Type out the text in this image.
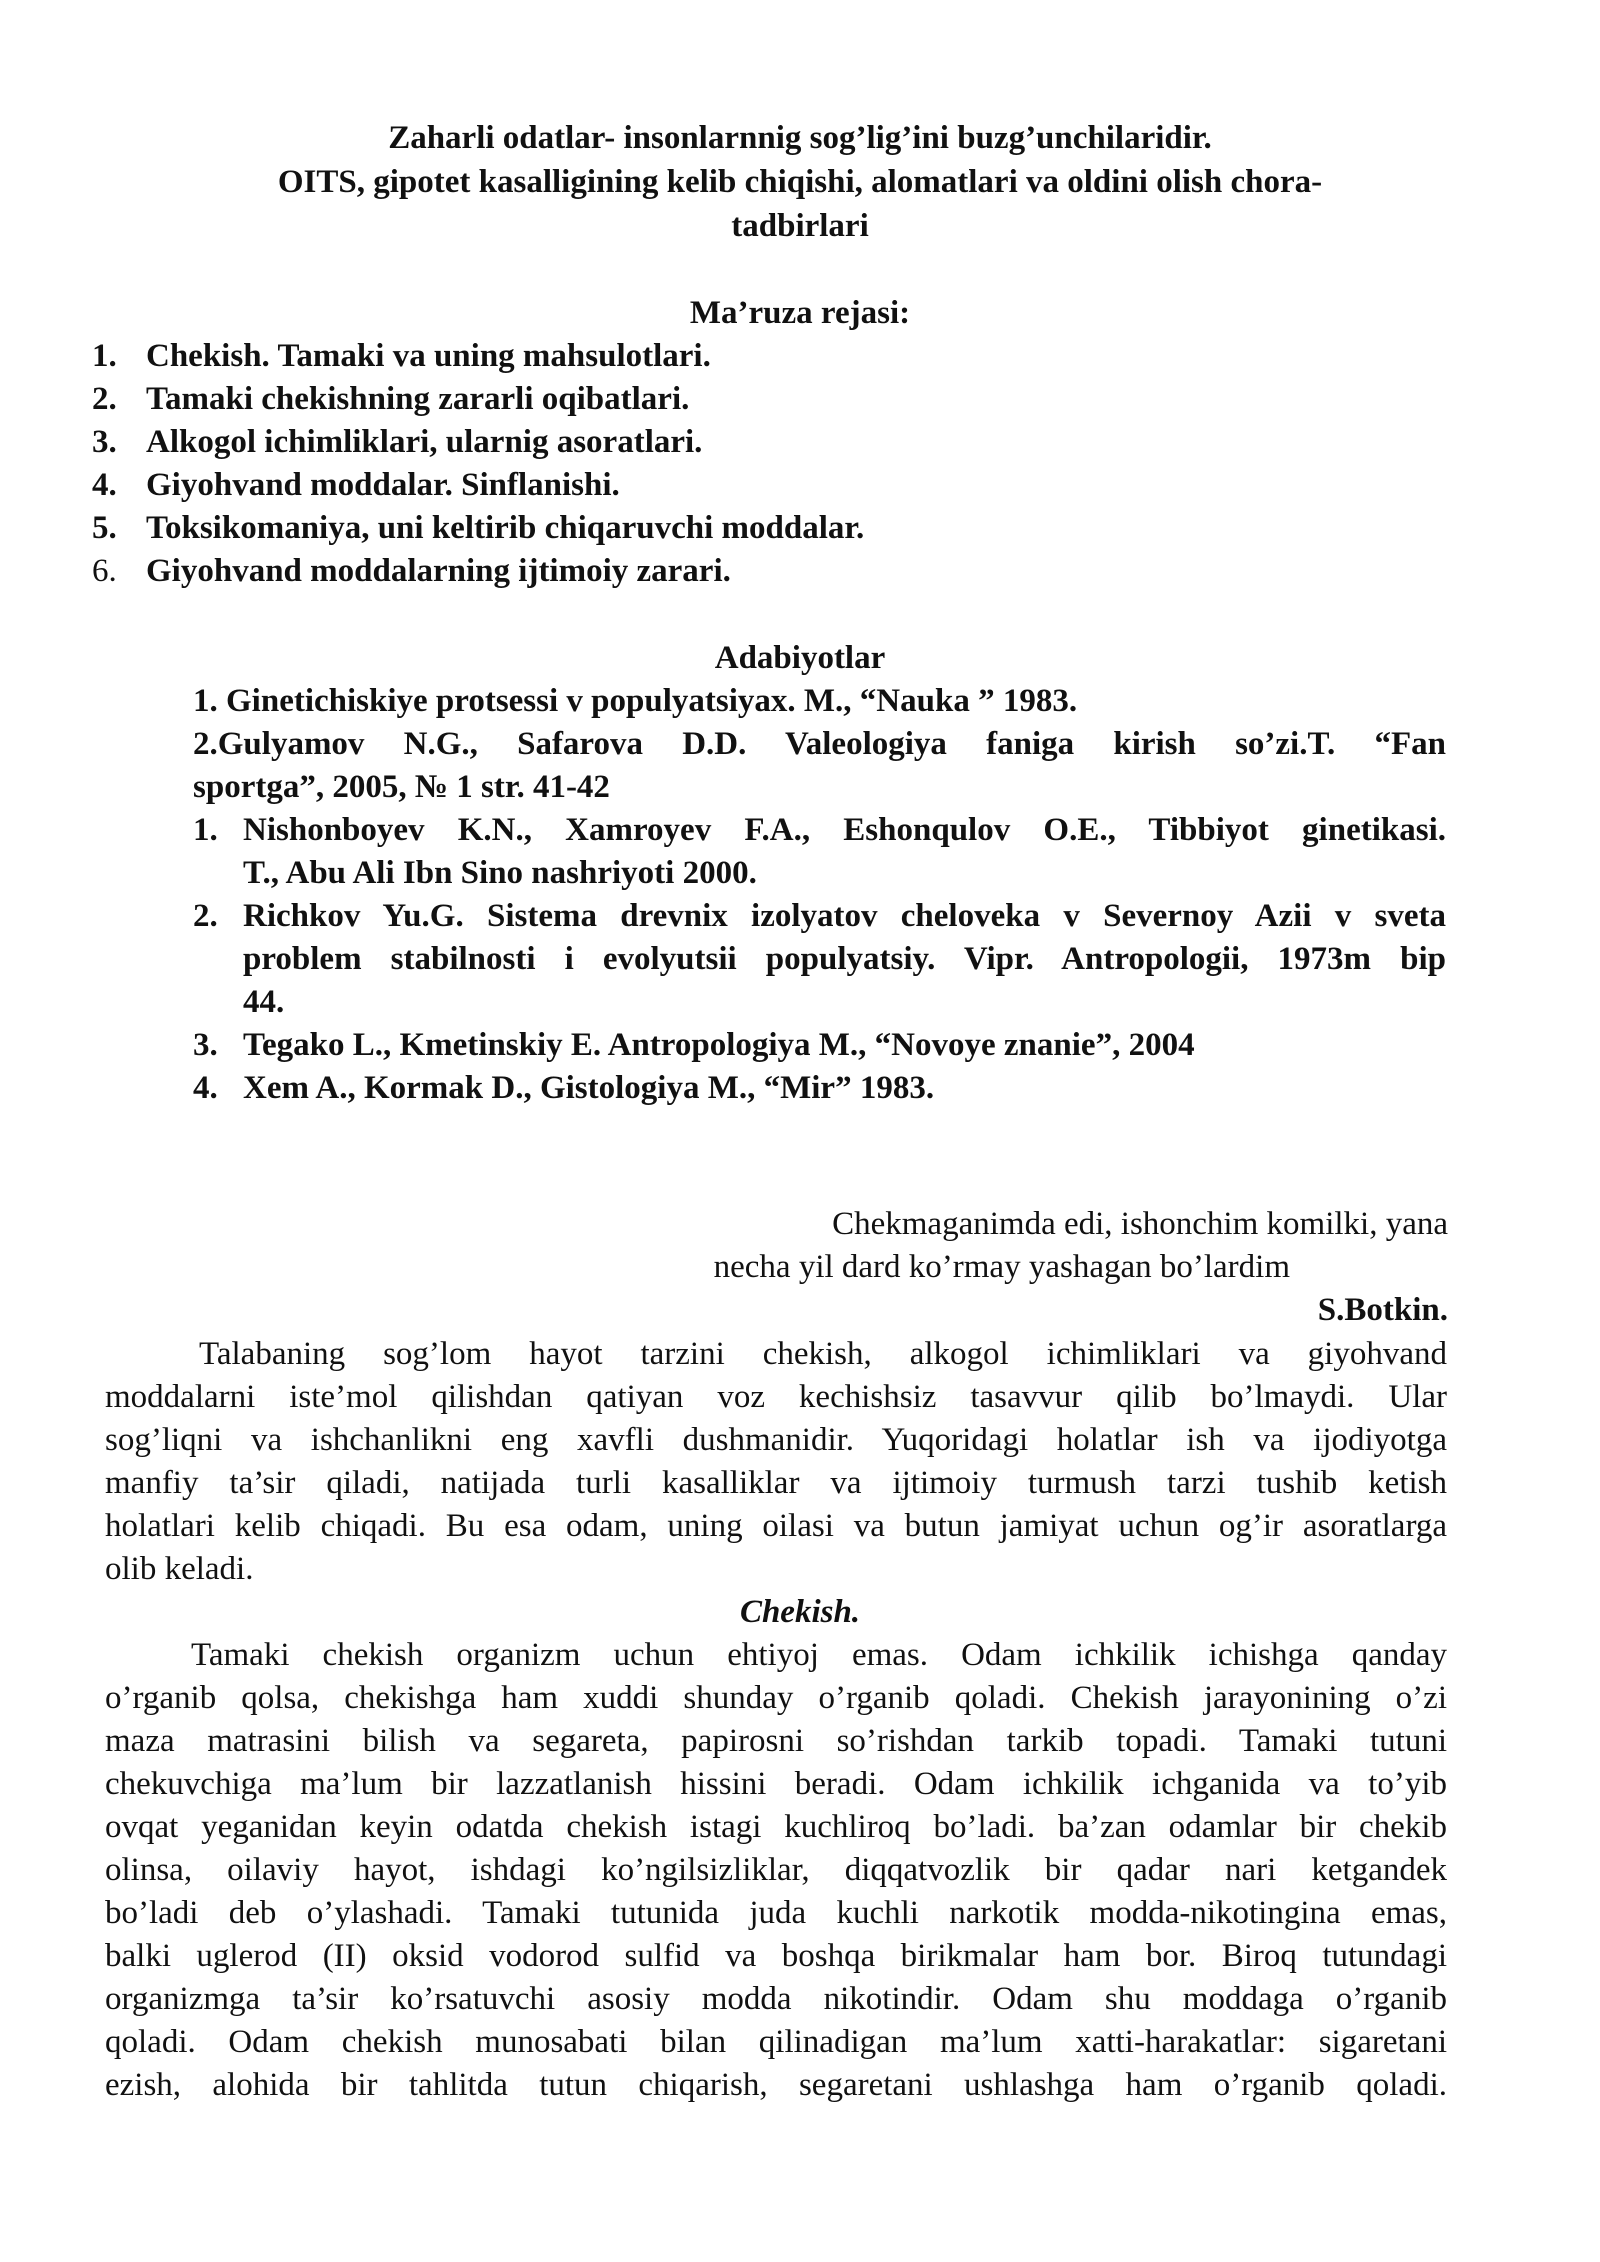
Zaharli odatlar- insonlarnnig sog’lig’ini buzg’unchilaridir.
OITS, gipotet kasalligining kelib chiqishi, alomatlari va oldini olish chora-
tadbirlari
Ma’ruza rejasi:
1. Chekish. Tamaki va uning mahsulotlari.
2. Tamaki chekishning zararli oqibatlari.
3. Alkogol ichimliklari, ularnig asoratlari.
4. Giyohvand moddalar. Sinflanishi.
5. Toksikomaniya, uni keltirib chiqaruvchi moddalar.
6. Giyohvand moddalarning ijtimoiy zarari.
Adabiyotlar
1. Ginetichiskiye protsessi v populyatsiyax. M., “Nauka ” 1983.
2.Gulyamov N.G., Safarova D.D. Valeologiya faniga kirish so’zi.T. “Fan
sportga”, 2005, № 1 str. 41-42
1. Nishonboyev K.N., Xamroyev F.A., Eshonqulov O.E., Tibbiyot ginetikasi.
T., Abu Ali Ibn Sino nashriyoti 2000.
2. Richkov Yu.G. Sistema drevnix izolyatov cheloveka v Severnoy Azii v sveta
problem stabilnosti i evolyutsii populyatsiy. Vipr. Antropologii, 1973m bip
44.
3. Tegako L., Kmetinskiy E. Antropologiya M., “Novoye znanie”, 2004
4. Xem A., Kormak D., Gistologiya M., “Mir” 1983.
Chekmaganimda edi, ishonchim komilki, yana
necha yil dard ko’rmay yashagan bo’lardim
S.Botkin.
Talabaning sog’lom hayot tarzini chekish, alkogol ichimliklari va giyohvand
moddalarni iste’mol qilishdan qatiyan voz kechishsiz tasavvur qilib bo’lmaydi. Ular
sog’liqni va ishchanlikni eng xavfli dushmanidir. Yuqoridagi holatlar ish va ijodiyotga
manfiy ta’sir qiladi, natijada turli kasalliklar va ijtimoiy turmush tarzi tushib ketish
holatlari kelib chiqadi. Bu esa odam, uning oilasi va butun jamiyat uchun og’ir asoratlarga
olib keladi.
Chekish.
Tamaki chekish organizm uchun ehtiyoj emas. Odam ichkilik ichishga qanday
o’rganib qolsa, chekishga ham xuddi shunday o’rganib qoladi. Chekish jarayonining o’zi
maza matrasini bilish va segareta, papirosni so’rishdan tarkib topadi. Tamaki tutuni
chekuvchiga ma’lum bir lazzatlanish hissini beradi. Odam ichkilik ichganida va to’yib
ovqat yeganidan keyin odatda chekish istagi kuchliroq bo’ladi. ba’zan odamlar bir chekib
olinsa, oilaviy hayot, ishdagi ko’ngilsizliklar, diqqatvozlik bir qadar nari ketgandek
bo’ladi deb o’ylashadi. Tamaki tutunida juda kuchli narkotik modda-nikotingina emas,
balki uglerod (II) oksid vodorod sulfid va boshqa birikmalar ham bor. Biroq tutundagi
organizmga ta’sir ko’rsatuvchi asosiy modda nikotindir. Odam shu moddaga o’rganib
qoladi. Odam chekish munosabati bilan qilinadigan ma’lum xatti-harakatlar: sigaretani
ezish, alohida bir tahlitda tutun chiqarish, segaretani ushlashga ham o’rganib qoladi.
